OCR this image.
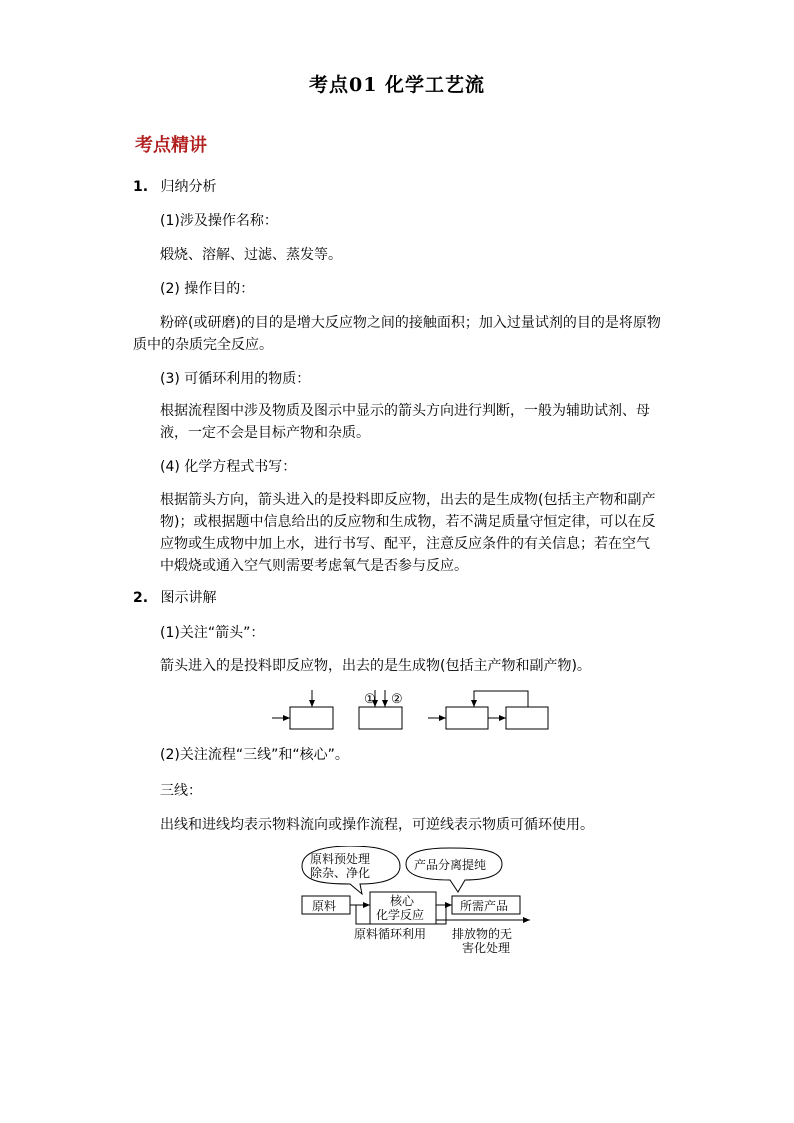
考点01 化学工艺流
考点精讲
1. 归纳分析
(1)涉及操作名称：
煅烧、溶解、过滤、蒸发等。
(2) 操作目的：
粉碎(或研磨)的目的是增大反应物之间的接触面积；加入过量试剂的目的是将原物质中的杂质完全反应。
(3) 可循环利用的物质：
根据流程图中涉及物质及图示中显示的箭头方向进行判断，一般为辅助试剂、母液，一定不会是目标产物和杂质。
(4) 化学方程式书写：
根据箭头方向，箭头进入的是投料即反应物，出去的是生成物(包括主产物和副产物)；或根据题中信息给出的反应物和生成物，若不满足质量守恒定律，可以在反应物或生成物中加上水，进行书写、配平，注意反应条件的有关信息；若在空气中煅烧或通入空气则需要考虑氧气是否参与反应。
2. 图示讲解
(1)关注“箭头”：
箭头进入的是投料即反应物，出去的是生成物(包括主产物和副产物)。
① ②
(2)关注流程“三线”和“核心”。
三线：
出线和进线均表示物料流向或操作流程，可逆线表示物质可循环使用。
原料预处理
除杂、净化
产品分离提纯
原料	核心
化学反应
所需产品
原料循环利用 排放物的无
害化处理
